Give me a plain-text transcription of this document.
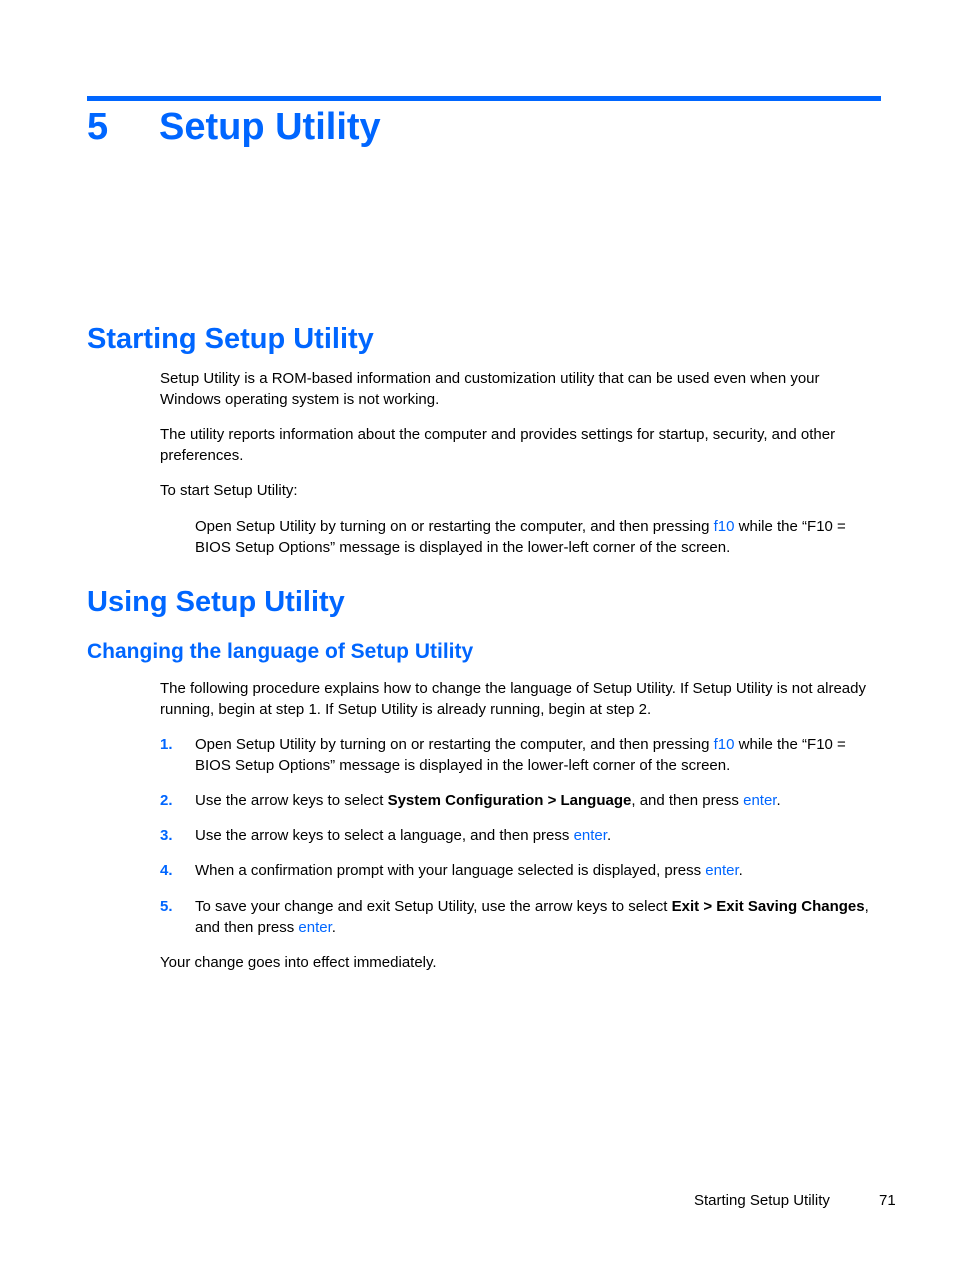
5 Setup Utility
Starting Setup Utility

Setup Utility is a ROM-based information and customization utility that can be used even when your Windows operating system is not working.

The utility reports information about the computer and provides settings for startup, security, and other preferences.

To start Setup Utility:

Open Setup Utility by turning on or restarting the computer, and then pressing f10 while the “F10 = BIOS Setup Options” message is displayed in the lower-left corner of the screen.

Using Setup Utility
Changing the language of Setup Utility

The following procedure explains how to change the language of Setup Utility. If Setup Utility is not already running, begin at step 1. If Setup Utility is already running, begin at step 2.

1. Open Setup Utility by turning on or restarting the computer, and then pressing f10 while the “F10 = BIOS Setup Options” message is displayed in the lower-left corner of the screen.
2. Use the arrow keys to select System Configuration > Language, and then press enter.
3. Use the arrow keys to select a language, and then press enter.
4. When a confirmation prompt with your language selected is displayed, press enter.
5. To save your change and exit Setup Utility, use the arrow keys to select Exit > Exit Saving Changes, and then press enter.

Your change goes into effect immediately.

Starting Setup Utility	71
